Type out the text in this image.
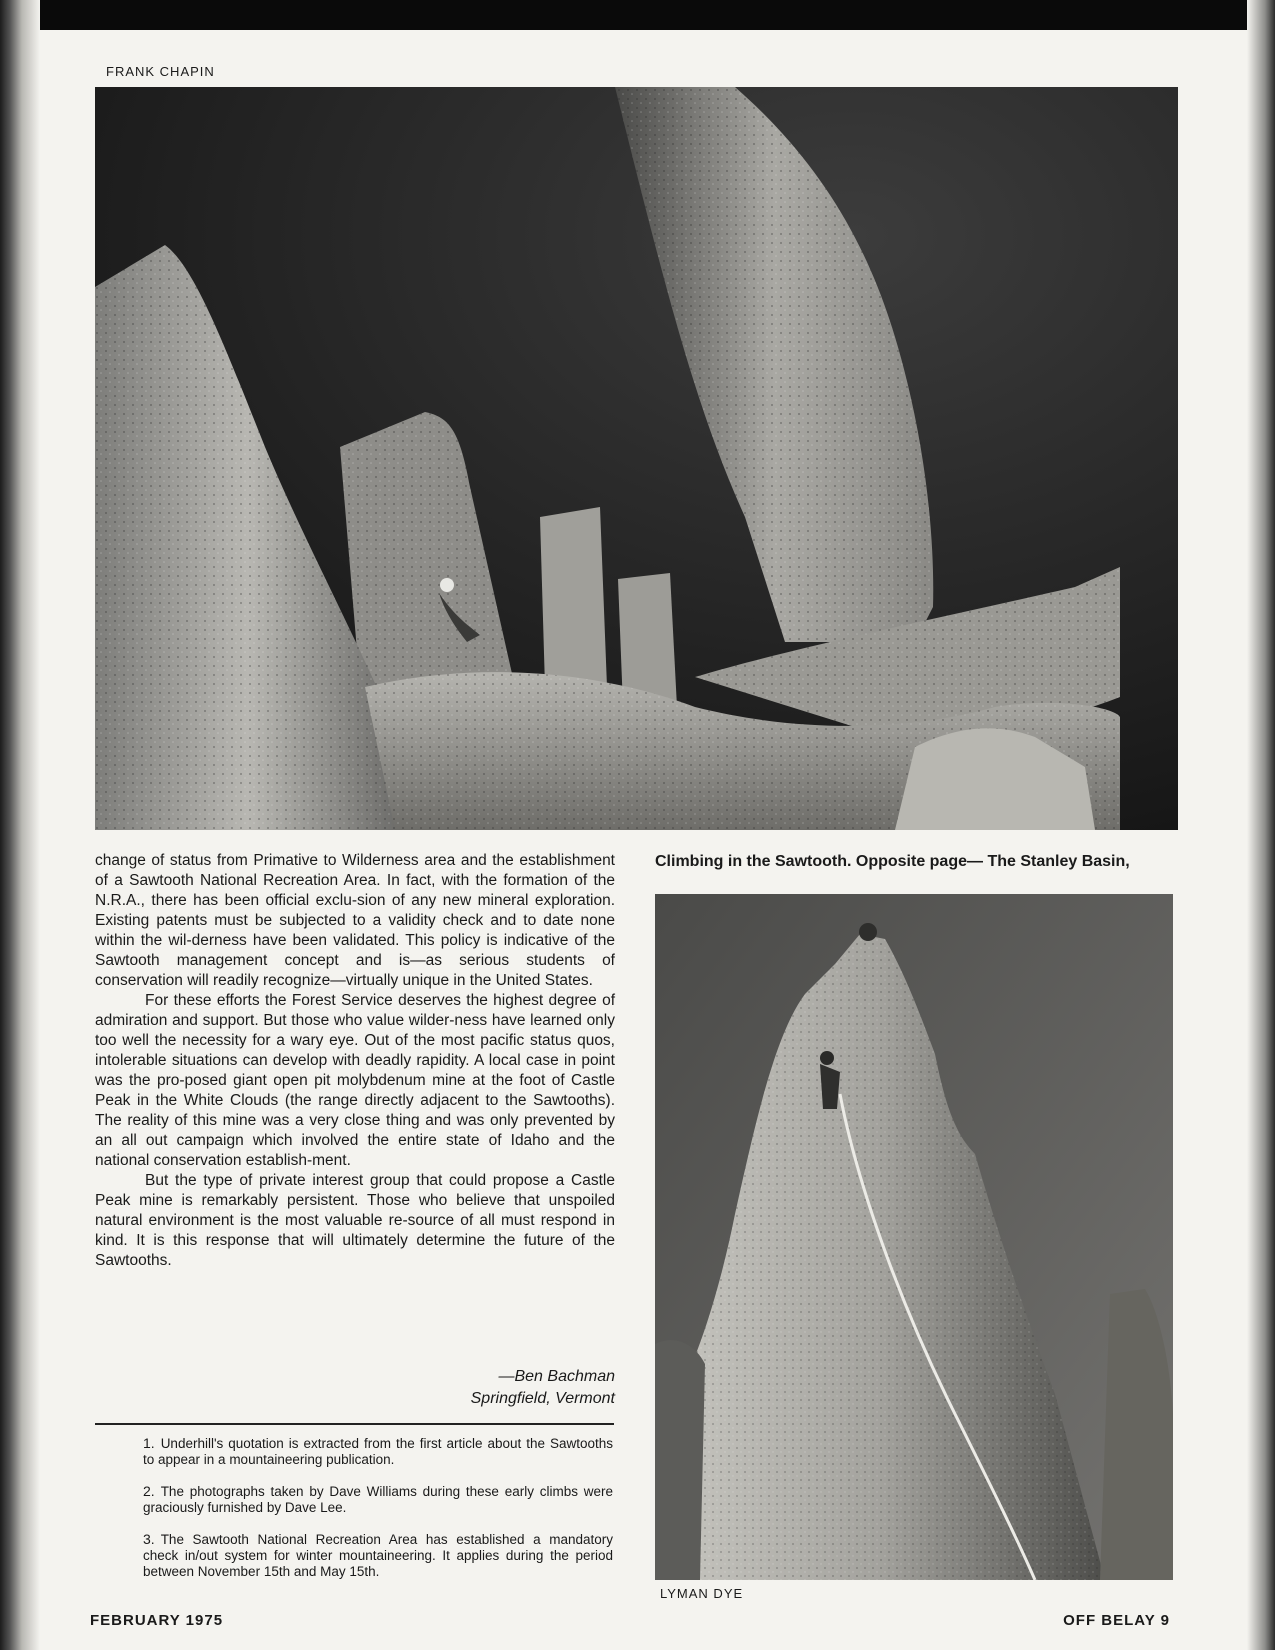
FRANK CHAPIN

change of status from Primative to Wilderness area and the establishment of a Sawtooth National Recreation Area. In fact, with the formation of the N.R.A., there has been official exclu-sion of any new mineral exploration. Existing patents must be subjected to a validity check and to date none within the wil-derness have been validated. This policy is indicative of the Sawtooth management concept and is—as serious students of conservation will readily recognize—virtually unique in the United States.

For these efforts the Forest Service deserves the highest degree of admiration and support. But those who value wilder-ness have learned only too well the necessity for a wary eye. Out of the most pacific status quos, intolerable situations can develop with deadly rapidity. A local case in point was the pro-posed giant open pit molybdenum mine at the foot of Castle Peak in the White Clouds (the range directly adjacent to the Sawtooths). The reality of this mine was a very close thing and was only prevented by an all out campaign which involved the entire state of Idaho and the national conservation establish-ment.

But the type of private interest group that could propose a Castle Peak mine is remarkably persistent. Those who believe that unspoiled natural environment is the most valuable re-source of all must respond in kind. It is this response that will ultimately determine the future of the Sawtooths.

—Ben Bachman
Springfield, Vermont
1. Underhill's quotation is extracted from the first article about the Sawtooths to appear in a mountaineering publication.
2. The photographs taken by Dave Williams during these early climbs were graciously furnished by Dave Lee.
3. The Sawtooth National Recreation Area has established a mandatory check in/out system for winter mountaineering. It applies during the period between November 15th and May 15th.
Climbing in the Sawtooth. Opposite page— The Stanley Basin,
LYMAN DYE
FEBRUARY 1975	OFF BELAY 9
